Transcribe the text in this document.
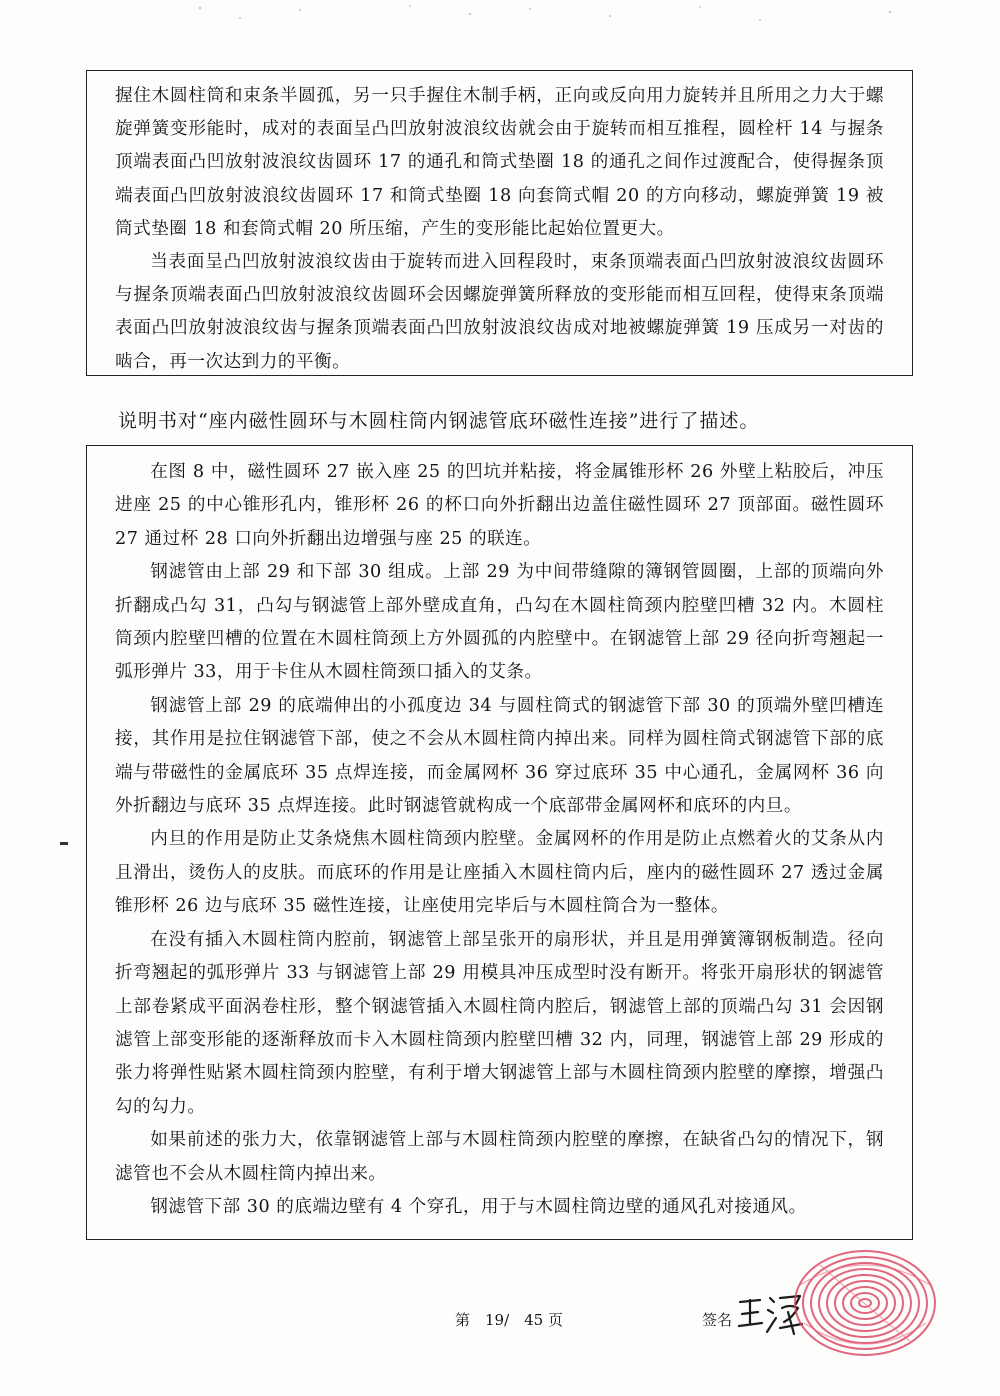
握住木圆柱筒和束条半圆孤，另一只手握住木制手柄，正向或反向用力旋转并且所用之力大于螺旋弹簧变形能时，成对的表面呈凸凹放射波浪纹齿就会由于旋转而相互推程，圆栓杆 14 与握条顶端表面凸凹放射波浪纹齿圆环 17 的通孔和筒式垫圈 18 的通孔之间作过渡配合，使得握条顶端表面凸凹放射波浪纹齿圆环 17 和筒式垫圈 18 向套筒式帽 20 的方向移动，螺旋弹簧 19 被筒式垫圈 18 和套筒式帽 20 所压缩，产生的变形能比起始位置更大。

当表面呈凸凹放射波浪纹齿由于旋转而进入回程段时，束条顶端表面凸凹放射波浪纹齿圆环与握条顶端表面凸凹放射波浪纹齿圆环会因螺旋弹簧所释放的变形能而相互回程，使得束条顶端表面凸凹放射波浪纹齿与握条顶端表面凸凹放射波浪纹齿成对地被螺旋弹簧 19 压成另一对齿的啮合，再一次达到力的平衡。

说明书对“座内磁性圆环与木圆柱筒内钢滤管底环磁性连接”进行了描述。

在图 8 中，磁性圆环 27 嵌入座 25 的凹坑并粘接，将金属锥形杯 26 外壁上粘胶后，冲压进座 25 的中心锥形孔内，锥形杯 26 的杯口向外折翻出边盖住磁性圆环 27 顶部面。磁性圆环 27 通过杯 28 口向外折翻出边增强与座 25 的联连。

钢滤管由上部 29 和下部 30 组成。上部 29 为中间带缝隙的簿钢管圆圈，上部的顶端向外折翻成凸勾 31，凸勾与钢滤管上部外壁成直角，凸勾在木圆柱筒颈内腔壁凹槽 32 内。木圆柱筒颈内腔壁凹槽的位置在木圆柱筒颈上方外圆孤的内腔壁中。在钢滤管上部 29 径向折弯翘起一弧形弹片 33，用于卡住从木圆柱筒颈口插入的艾条。

钢滤管上部 29 的底端伸出的小孤度边 34 与圆柱筒式的钢滤管下部 30 的顶端外壁凹槽连接，其作用是拉住钢滤管下部，使之不会从木圆柱筒内掉出来。同样为圆柱筒式钢滤管下部的底端与带磁性的金属底环 35 点焊连接，而金属网杯 36 穿过底环 35 中心通孔，金属网杯 36 向外折翻边与底环 35 点焊连接。此时钢滤管就构成一个底部带金属网杯和底环的内旦。

内旦的作用是防止艾条烧焦木圆柱筒颈内腔壁。金属网杯的作用是防止点燃着火的艾条从内且滑出，烫伤人的皮肤。而底环的作用是让座插入木圆柱筒内后，座内的磁性圆环 27 透过金属锥形杯 26 边与底环 35 磁性连接，让座使用完毕后与木圆柱筒合为一整体。

在没有插入木圆柱筒内腔前，钢滤管上部呈张开的扇形状，并且是用弹簧簿钢板制造。径向折弯翘起的弧形弹片 33 与钢滤管上部 29 用模具冲压成型时没有断开。将张开扇形状的钢滤管上部卷紧成平面涡卷柱形，整个钢滤管插入木圆柱筒内腔后，钢滤管上部的顶端凸勾 31 会因钢滤管上部变形能的逐渐释放而卡入木圆柱筒颈内腔壁凹槽 32 内，同理，钢滤管上部 29 形成的张力将弹性贴紧木圆柱筒颈内腔壁，有利于增大钢滤管上部与木圆柱筒颈内腔壁的摩擦，增强凸勾的勾力。

如果前述的张力大，依靠钢滤管上部与木圆柱筒颈内腔壁的摩擦，在缺省凸勾的情况下，钢滤管也不会从木圆柱筒内掉出来。

钢滤管下部 30 的底端边壁有 4 个穿孔，用于与木圆柱筒边壁的通风孔对接通风。

第　19/　45 页	签名
